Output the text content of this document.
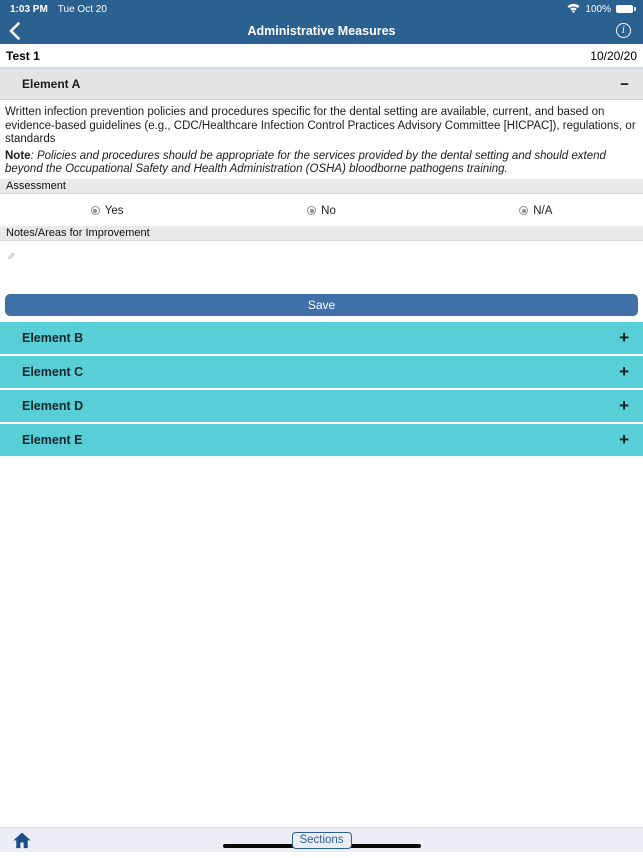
1:03 PM Tue Oct 20	100%
Administrative Measures	i
Test 1	10/20/20
Element A	−

Written infection prevention policies and procedures specific for the dental setting are available, current, and based on evidence-based guidelines (e.g., CDC/Healthcare Infection Control Practices Advisory Committee [HICPAC]), regulations, or standards

Note: Policies and procedures should be appropriate for the services provided by the dental setting and should extend beyond the Occupational Safety and Health Administration (OSHA) bloodborne pathogens training.

Assessment
Yes	No	N/A
Notes/Areas for Improvement
✎
Save
Element B	+
Element C	+
Element D	+
Element E	+
Sections
